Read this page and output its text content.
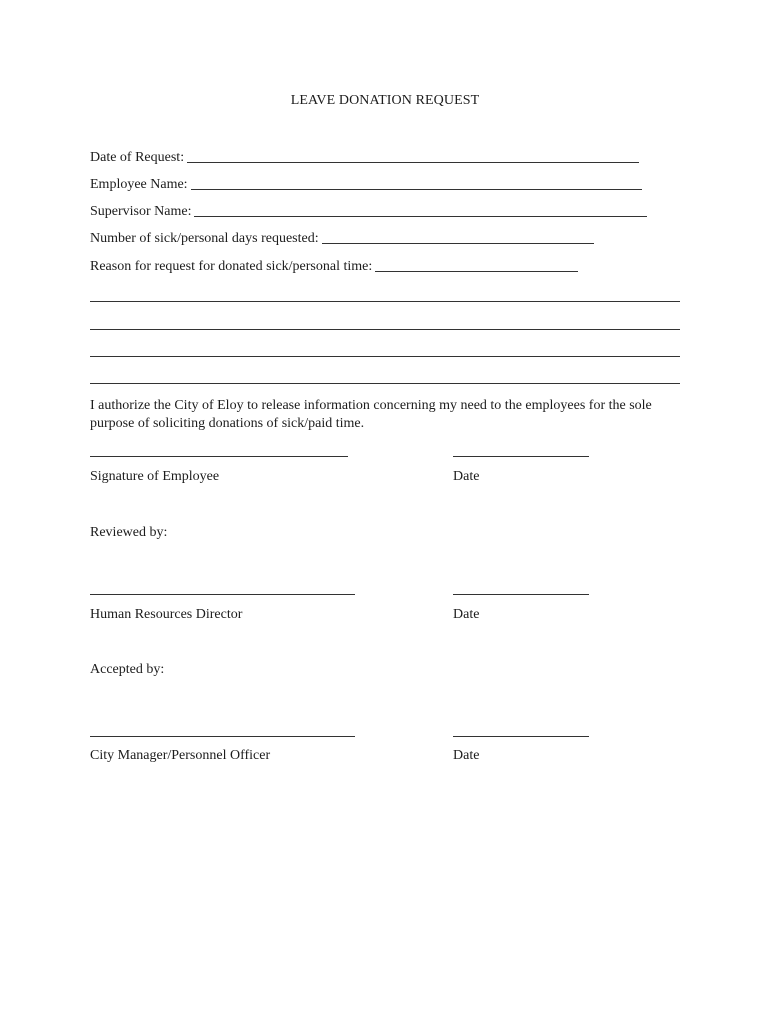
LEAVE DONATION REQUEST
Date of Request:
Employee Name:
Supervisor Name:
Number of sick/personal days requested:
Reason for request for donated sick/personal time:
I authorize the City of Eloy to release information concerning my need to the employees for the sole purpose of soliciting donations of sick/paid time.
Signature of Employee	Date
Reviewed by:
Human Resources Director	Date
Accepted by:
City Manager/Personnel Officer	Date
